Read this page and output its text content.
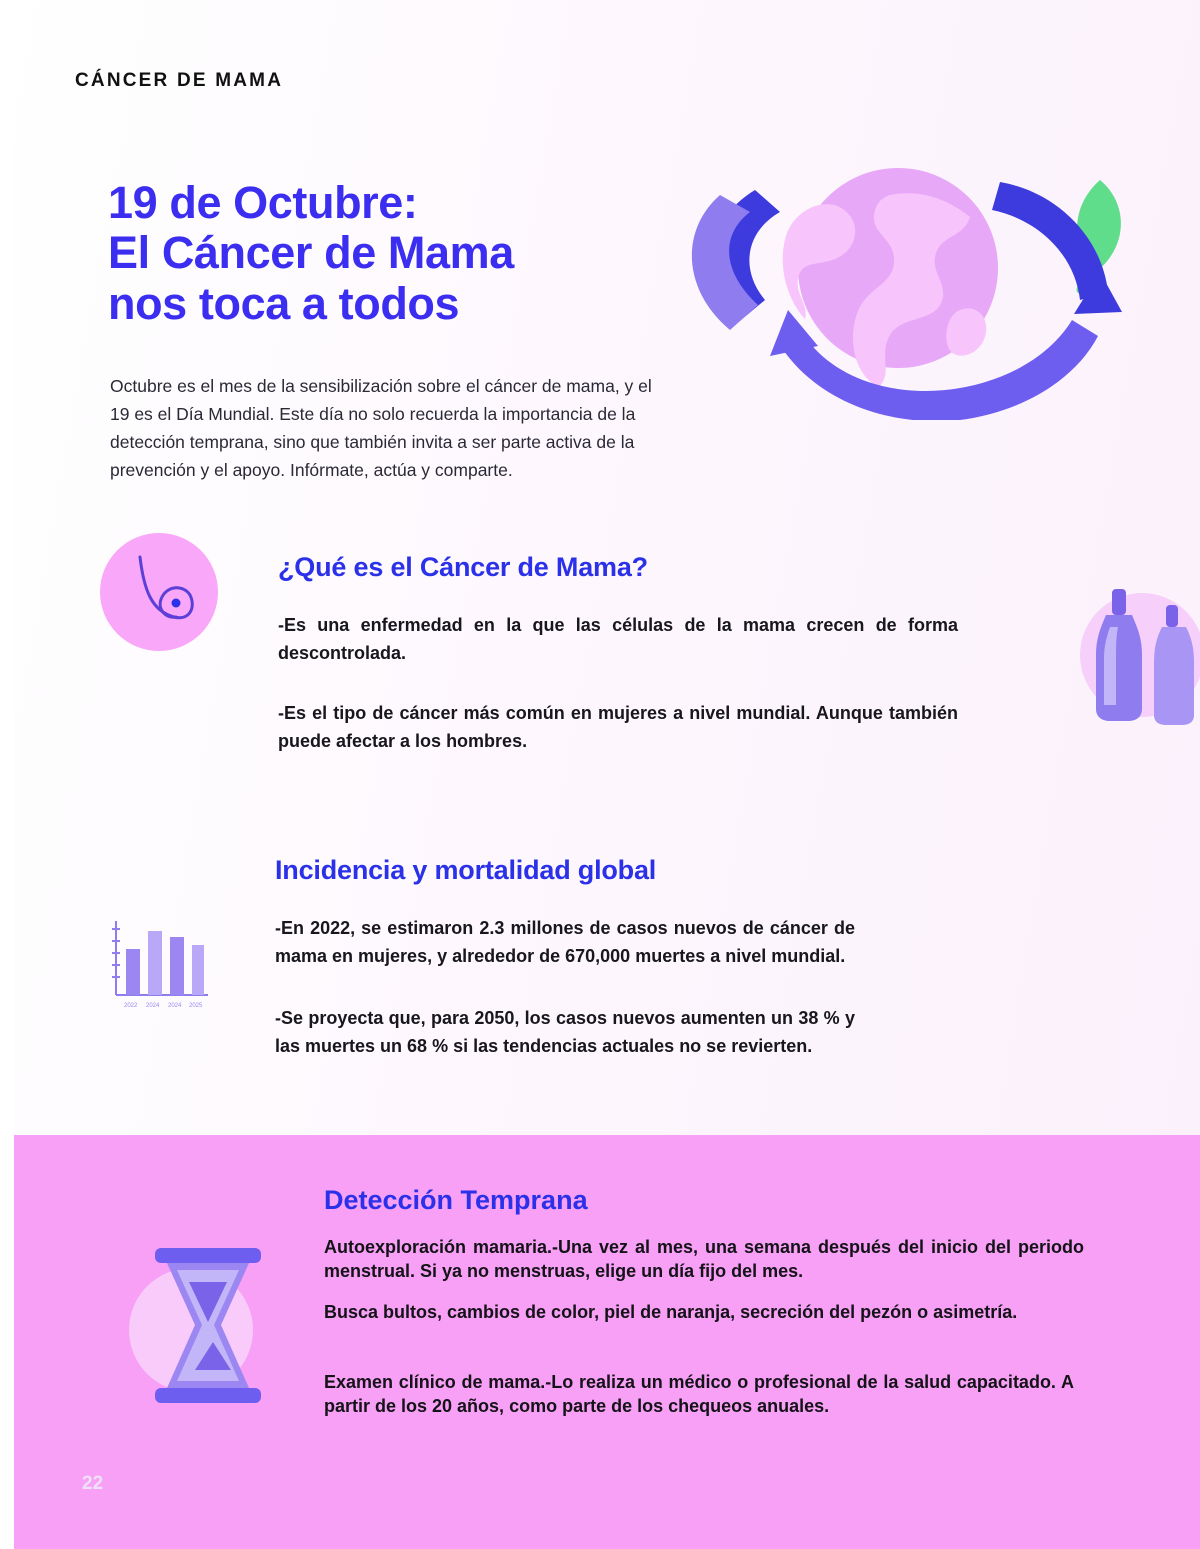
CÁNCER DE MAMA
19 de Octubre:
El Cáncer de Mama
nos toca a todos
Octubre es el mes de la sensibilización sobre el cáncer de mama, y el 19 es el Día Mundial. Este día no solo recuerda la importancia de la detección temprana, sino que también invita a ser parte activa de la prevención y el apoyo. Infórmate, actúa y comparte.
¿Qué es el Cáncer de Mama?
-Es una enfermedad en la que las células de la mama crecen de forma descontrolada.
-Es el tipo de cáncer más común en mujeres a nivel mundial. Aunque también puede afectar a los hombres.
2022 2024 2024 2025
Incidencia y mortalidad global
-En 2022, se estimaron 2.3 millones de casos nuevos de cáncer de mama en mujeres, y alrededor de 670,000 muertes a nivel mundial.
-Se proyecta que, para 2050, los casos nuevos aumenten un 38 % y las muertes un 68 % si las tendencias actuales no se revierten.
Detección Temprana
Autoexploración mamaria.-Una vez al mes, una semana después del inicio del periodo menstrual. Si ya no menstruas, elige un día fijo del mes.
Busca bultos, cambios de color, piel de naranja, secreción del pezón o asimetría.
Examen clínico de mama.-Lo realiza un médico o profesional de la salud capacitado. A partir de los 20 años, como parte de los chequeos anuales.
22
